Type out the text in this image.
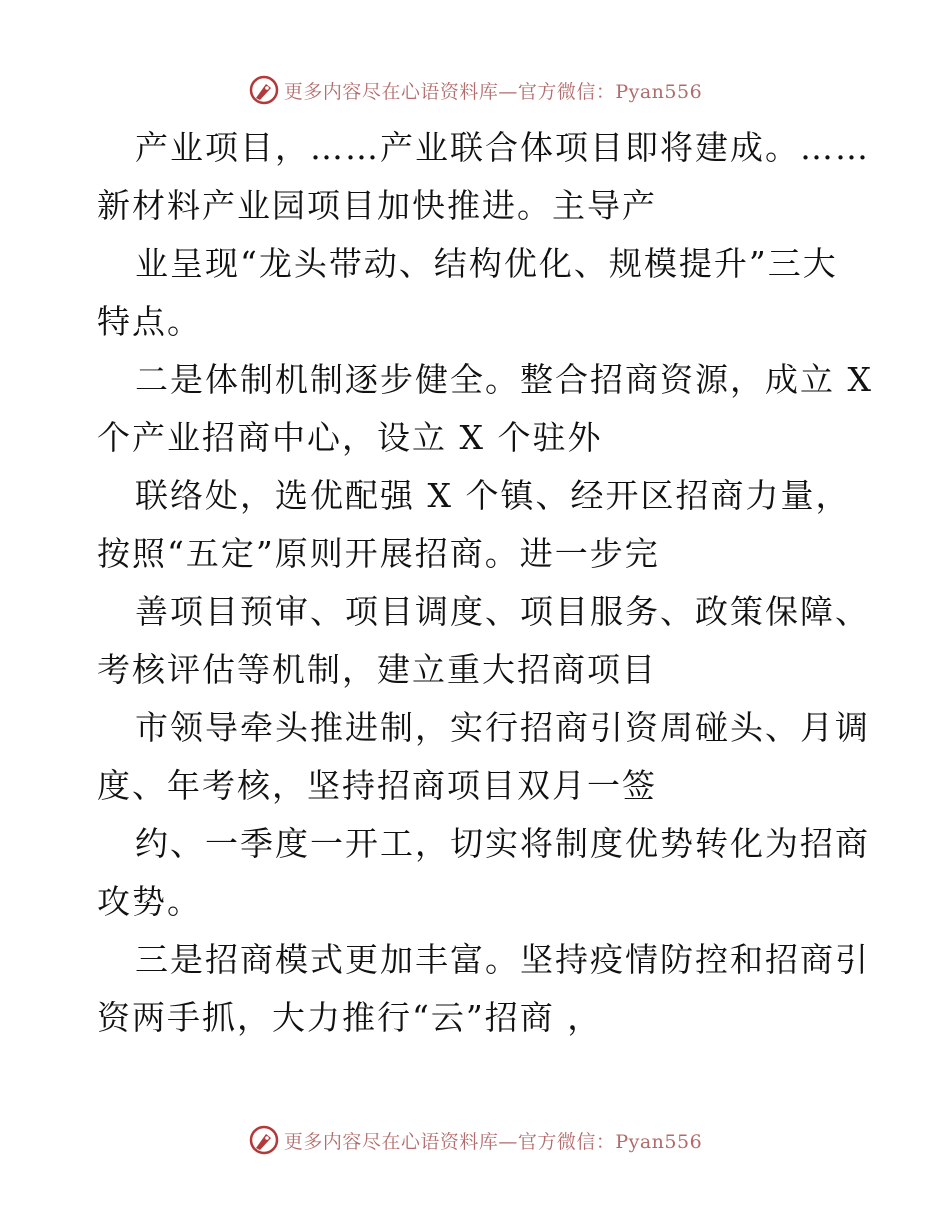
更多内容尽在心语资料库—官方微信：Pyan556
产业项目，……产业联合体项目即将建成。……
新材料产业园项目加快推进。主导产
业呈现“龙头带动、结构优化、规模提升”三大
特点。
二是体制机制逐步健全。整合招商资源，成立 X
个产业招商中心，设立 X 个驻外
联络处，选优配强 X 个镇、经开区招商力量，
按照“五定”原则开展招商。进一步完
善项目预审、项目调度、项目服务、政策保障、
考核评估等机制，建立重大招商项目
市领导牵头推进制，实行招商引资周碰头、月调
度、年考核，坚持招商项目双月一签
约、一季度一开工，切实将制度优势转化为招商
攻势。
三是招商模式更加丰富。坚持疫情防控和招商引
资两手抓，大力推行“云”招商 ，
更多内容尽在心语资料库—官方微信：Pyan556
